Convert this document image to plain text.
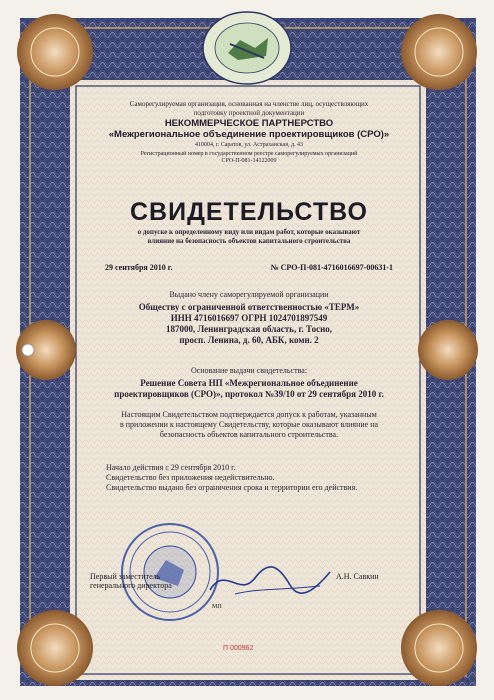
Саморегулируемая организация, основанная на членстве лиц, осуществляющих
подготовку проектной документации
НЕКОММЕРЧЕСКОЕ ПАРТНЕРСТВО
«Межрегиональное объединение проектировщиков (СРО)»
410004, г. Саратов, ул. Астраханская, д. 43
Регистрационный номер в государственном реестре саморегулируемых организаций
СРО-П-081-14122009
СВИДЕТЕЛЬСТВО
о допуске к определенному виду или видам работ, которые оказывают
влияние на безопасность объектов капитального строительства
29 сентября 2010 г.	№ СРО-П-081-4716016697-00631-1
Выдано члену саморегулируемой организации
Обществу с ограниченной ответственностью «ТЕРМ»
ИНН 4716016697 ОГРН 1024701897549
187000, Ленинградская область, г. Тосно,
просп. Ленина, д. 60, АБК, комн. 2
Основание выдачи свидетельства:
Решение Совета НП «Межрегиональное объединение
проектировщиков (СРО)», протокол №39/10 от 29 сентября 2010 г.
Настоящим Свидетельством подтверждается допуск к работам, указанным
в приложении к настоящему Свидетельству, которые оказывают влияние на
безопасность объектов капитального строительства.
Начало действия с 29 сентября 2010 г.
Свидетельство без приложения недействительно.
Свидетельство выдано без ограничения срока и территории его действия.
Первый заместитель
генерального директора
МП
А.Н. Савкин
П 000962
